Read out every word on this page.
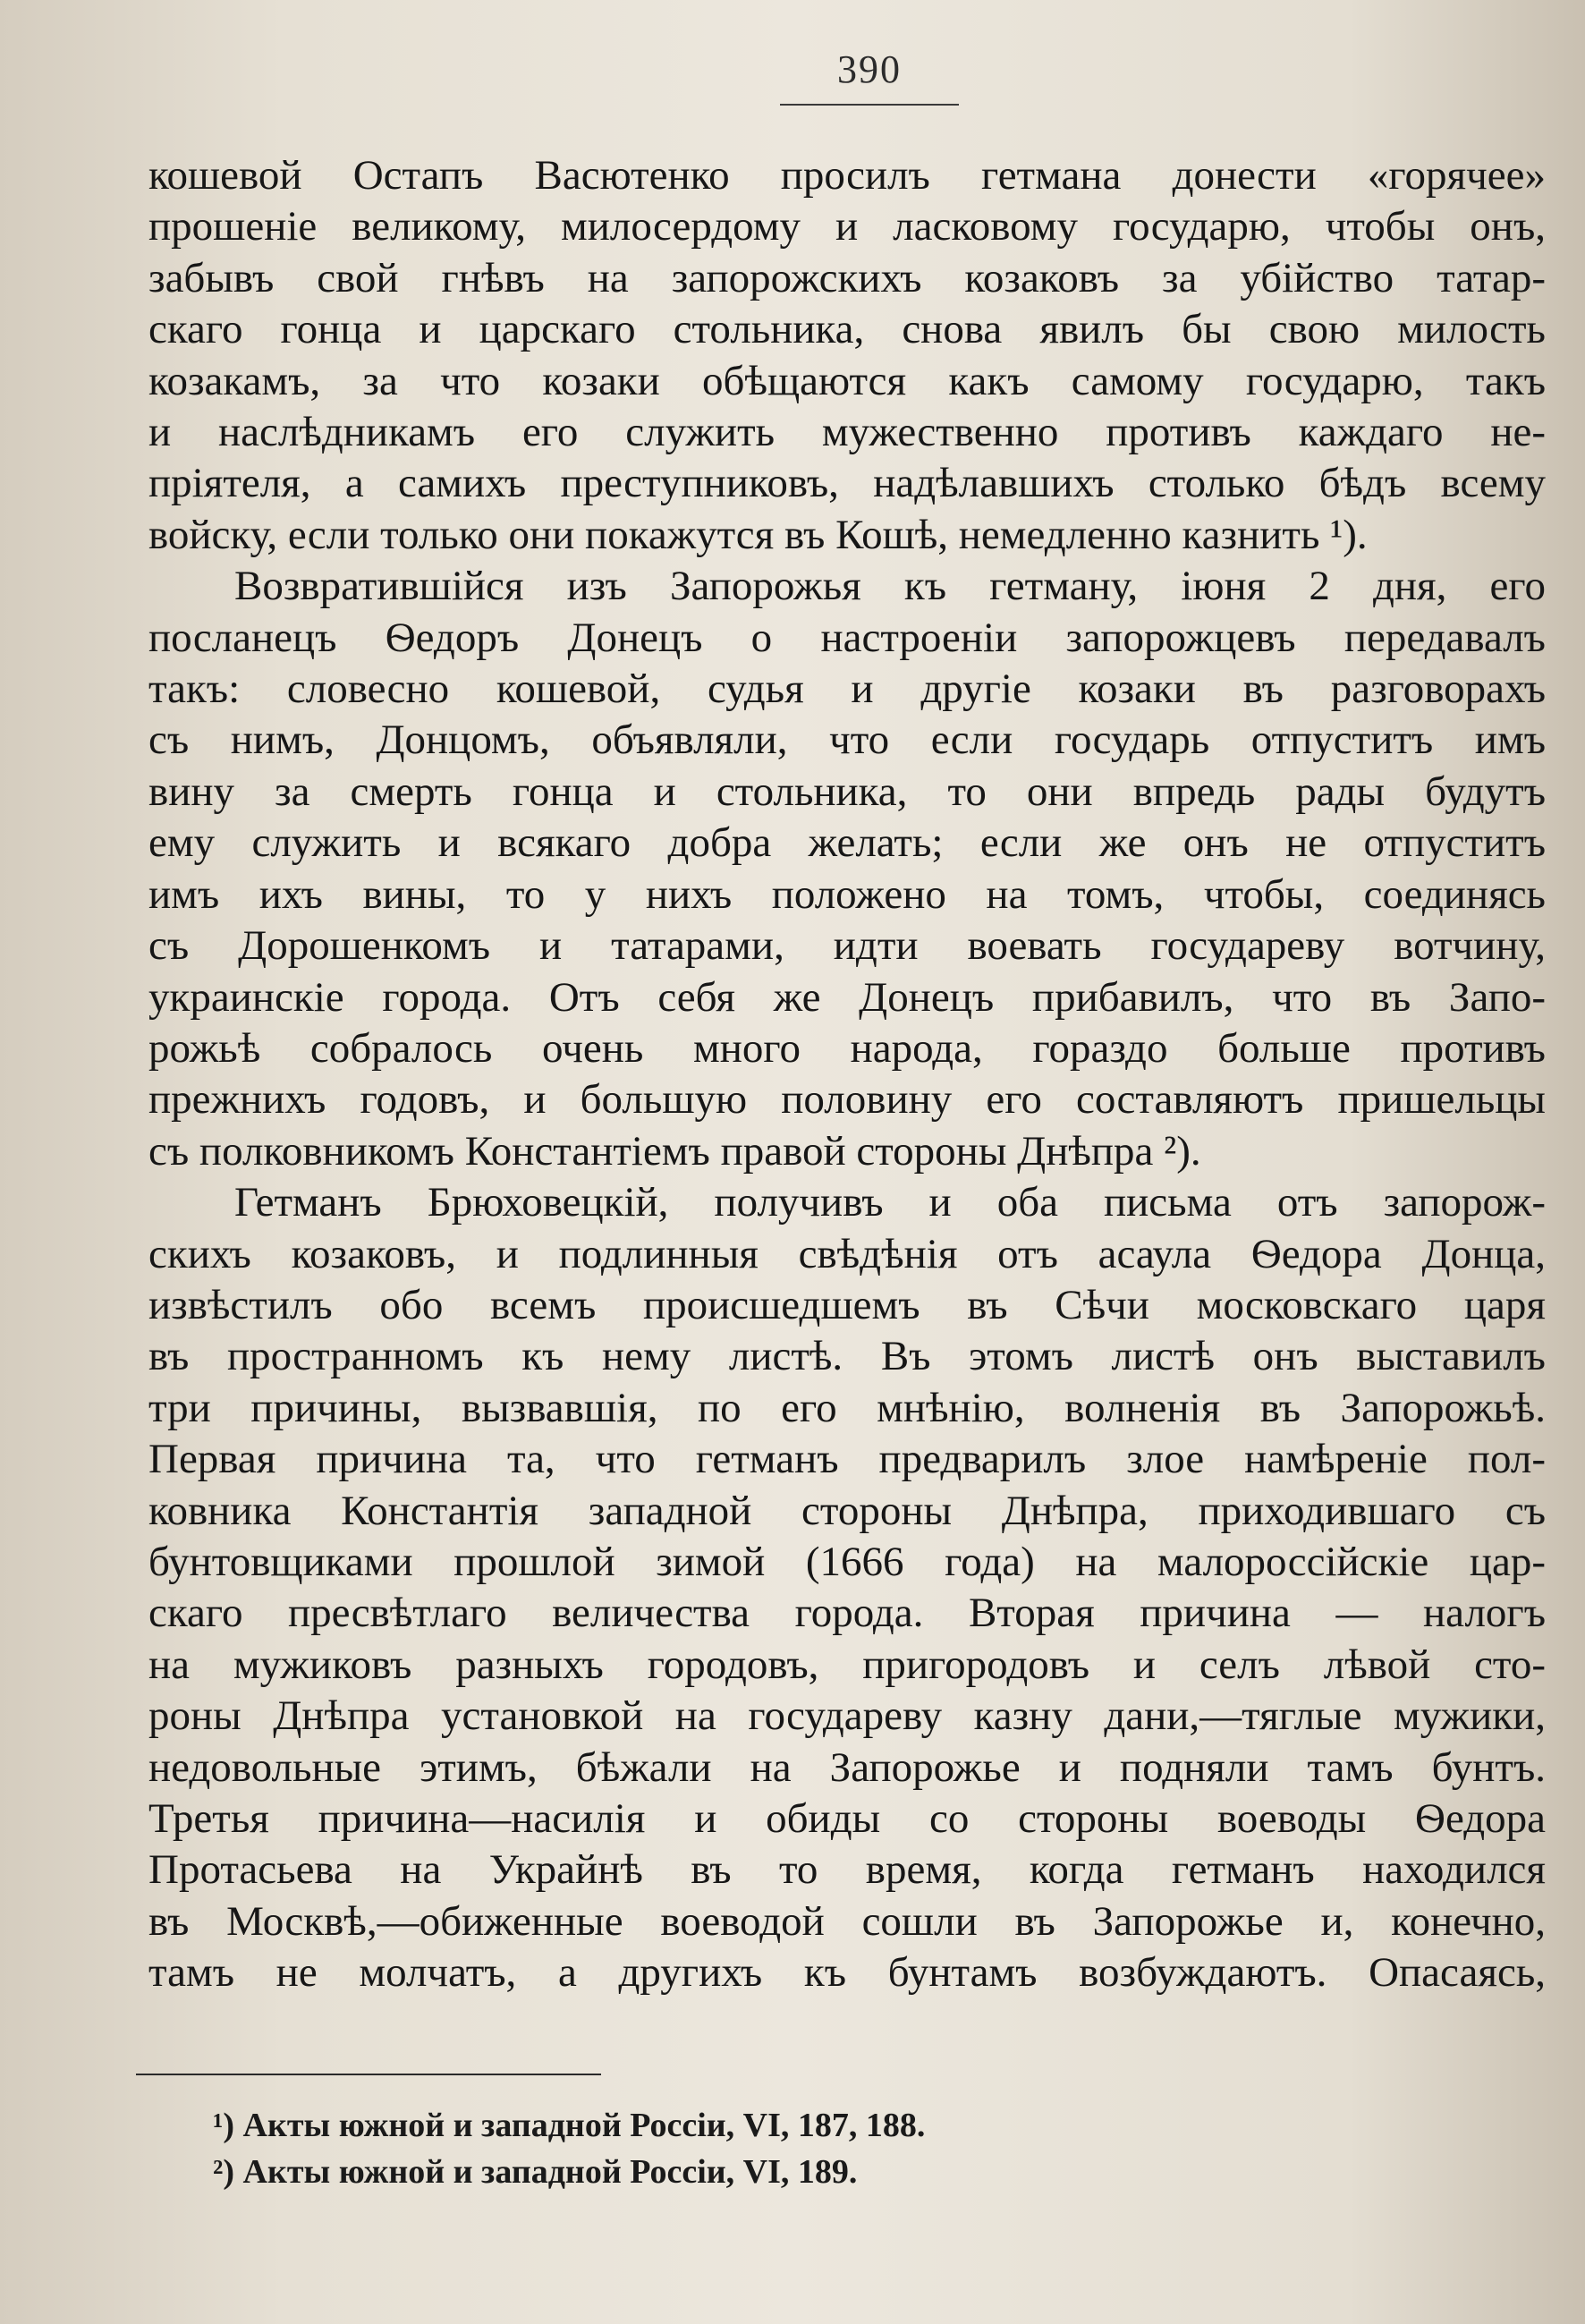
390
кошевой Остапъ Васютенко просилъ гетмана донести «горячее»
прошеніе великому, милосердому и ласковому государю, чтобы онъ,
забывъ свой гнѣвъ на запорожскихъ козаковъ за убійство татар-
скаго гонца и царскаго стольника, снова явилъ бы свою милость
козакамъ, за что козаки обѣщаются какъ самому государю, такъ
и наслѣдникамъ его служить мужественно противъ каждаго не-
пріятеля, а самихъ преступниковъ, надѣлавшихъ столько бѣдъ всему
войску, если только они покажутся въ Кошѣ, немедленно казнить ¹).
Возвратившійся изъ Запорожья къ гетману, іюня 2 дня, его
посланецъ Ѳедоръ Донецъ о настроеніи запорожцевъ передавалъ
такъ: словесно кошевой, судья и другіе козаки въ разговорахъ
съ нимъ, Донцомъ, объявляли, что если государь отпуститъ имъ
вину за смерть гонца и стольника, то они впредь рады будутъ
ему служить и всякаго добра желать; если же онъ не отпуститъ
имъ ихъ вины, то у нихъ положено на томъ, чтобы, соединясь
съ Дорошенкомъ и татарами, идти воевать государеву вотчину,
украинскіе города. Отъ себя же Донецъ прибавилъ, что въ Запо-
рожьѣ собралось очень много народа, гораздо больше противъ
прежнихъ годовъ, и большую половину его составляютъ пришельцы
съ полковникомъ Константіемъ правой стороны Днѣпра ²).
Гетманъ Брюховецкій, получивъ и оба письма отъ запорож-
скихъ козаковъ, и подлинныя свѣдѣнія отъ асаула Ѳедора Донца,
извѣстилъ обо всемъ происшедшемъ въ Сѣчи московскаго царя
въ пространномъ къ нему листѣ. Въ этомъ листѣ онъ выставилъ
три причины, вызвавшія, по его мнѣнію, волненія въ Запорожьѣ.
Первая причина та, что гетманъ предварилъ злое намѣреніе пол-
ковника Константія западной стороны Днѣпра, приходившаго съ
бунтовщиками прошлой зимой (1666 года) на малороссійскіе цар-
скаго пресвѣтлаго величества города. Вторая причина — налогъ
на мужиковъ разныхъ городовъ, пригородовъ и селъ лѣвой сто-
роны Днѣпра установкой на государеву казну дани,—тяглые мужики,
недовольные этимъ, бѣжали на Запорожье и подняли тамъ бунтъ.
Третья причина—насилія и обиды со стороны воеводы Ѳедора
Протасьева на Украйнѣ въ то время, когда гетманъ находился
въ Москвѣ,—обиженные воеводой сошли въ Запорожье и, конечно,
тамъ не молчатъ, а другихъ къ бунтамъ возбуждаютъ. Опасаясь,
¹) Акты южной и западной Россіи, VI, 187, 188.
²) Акты южной и западной Россіи, VI, 189.
